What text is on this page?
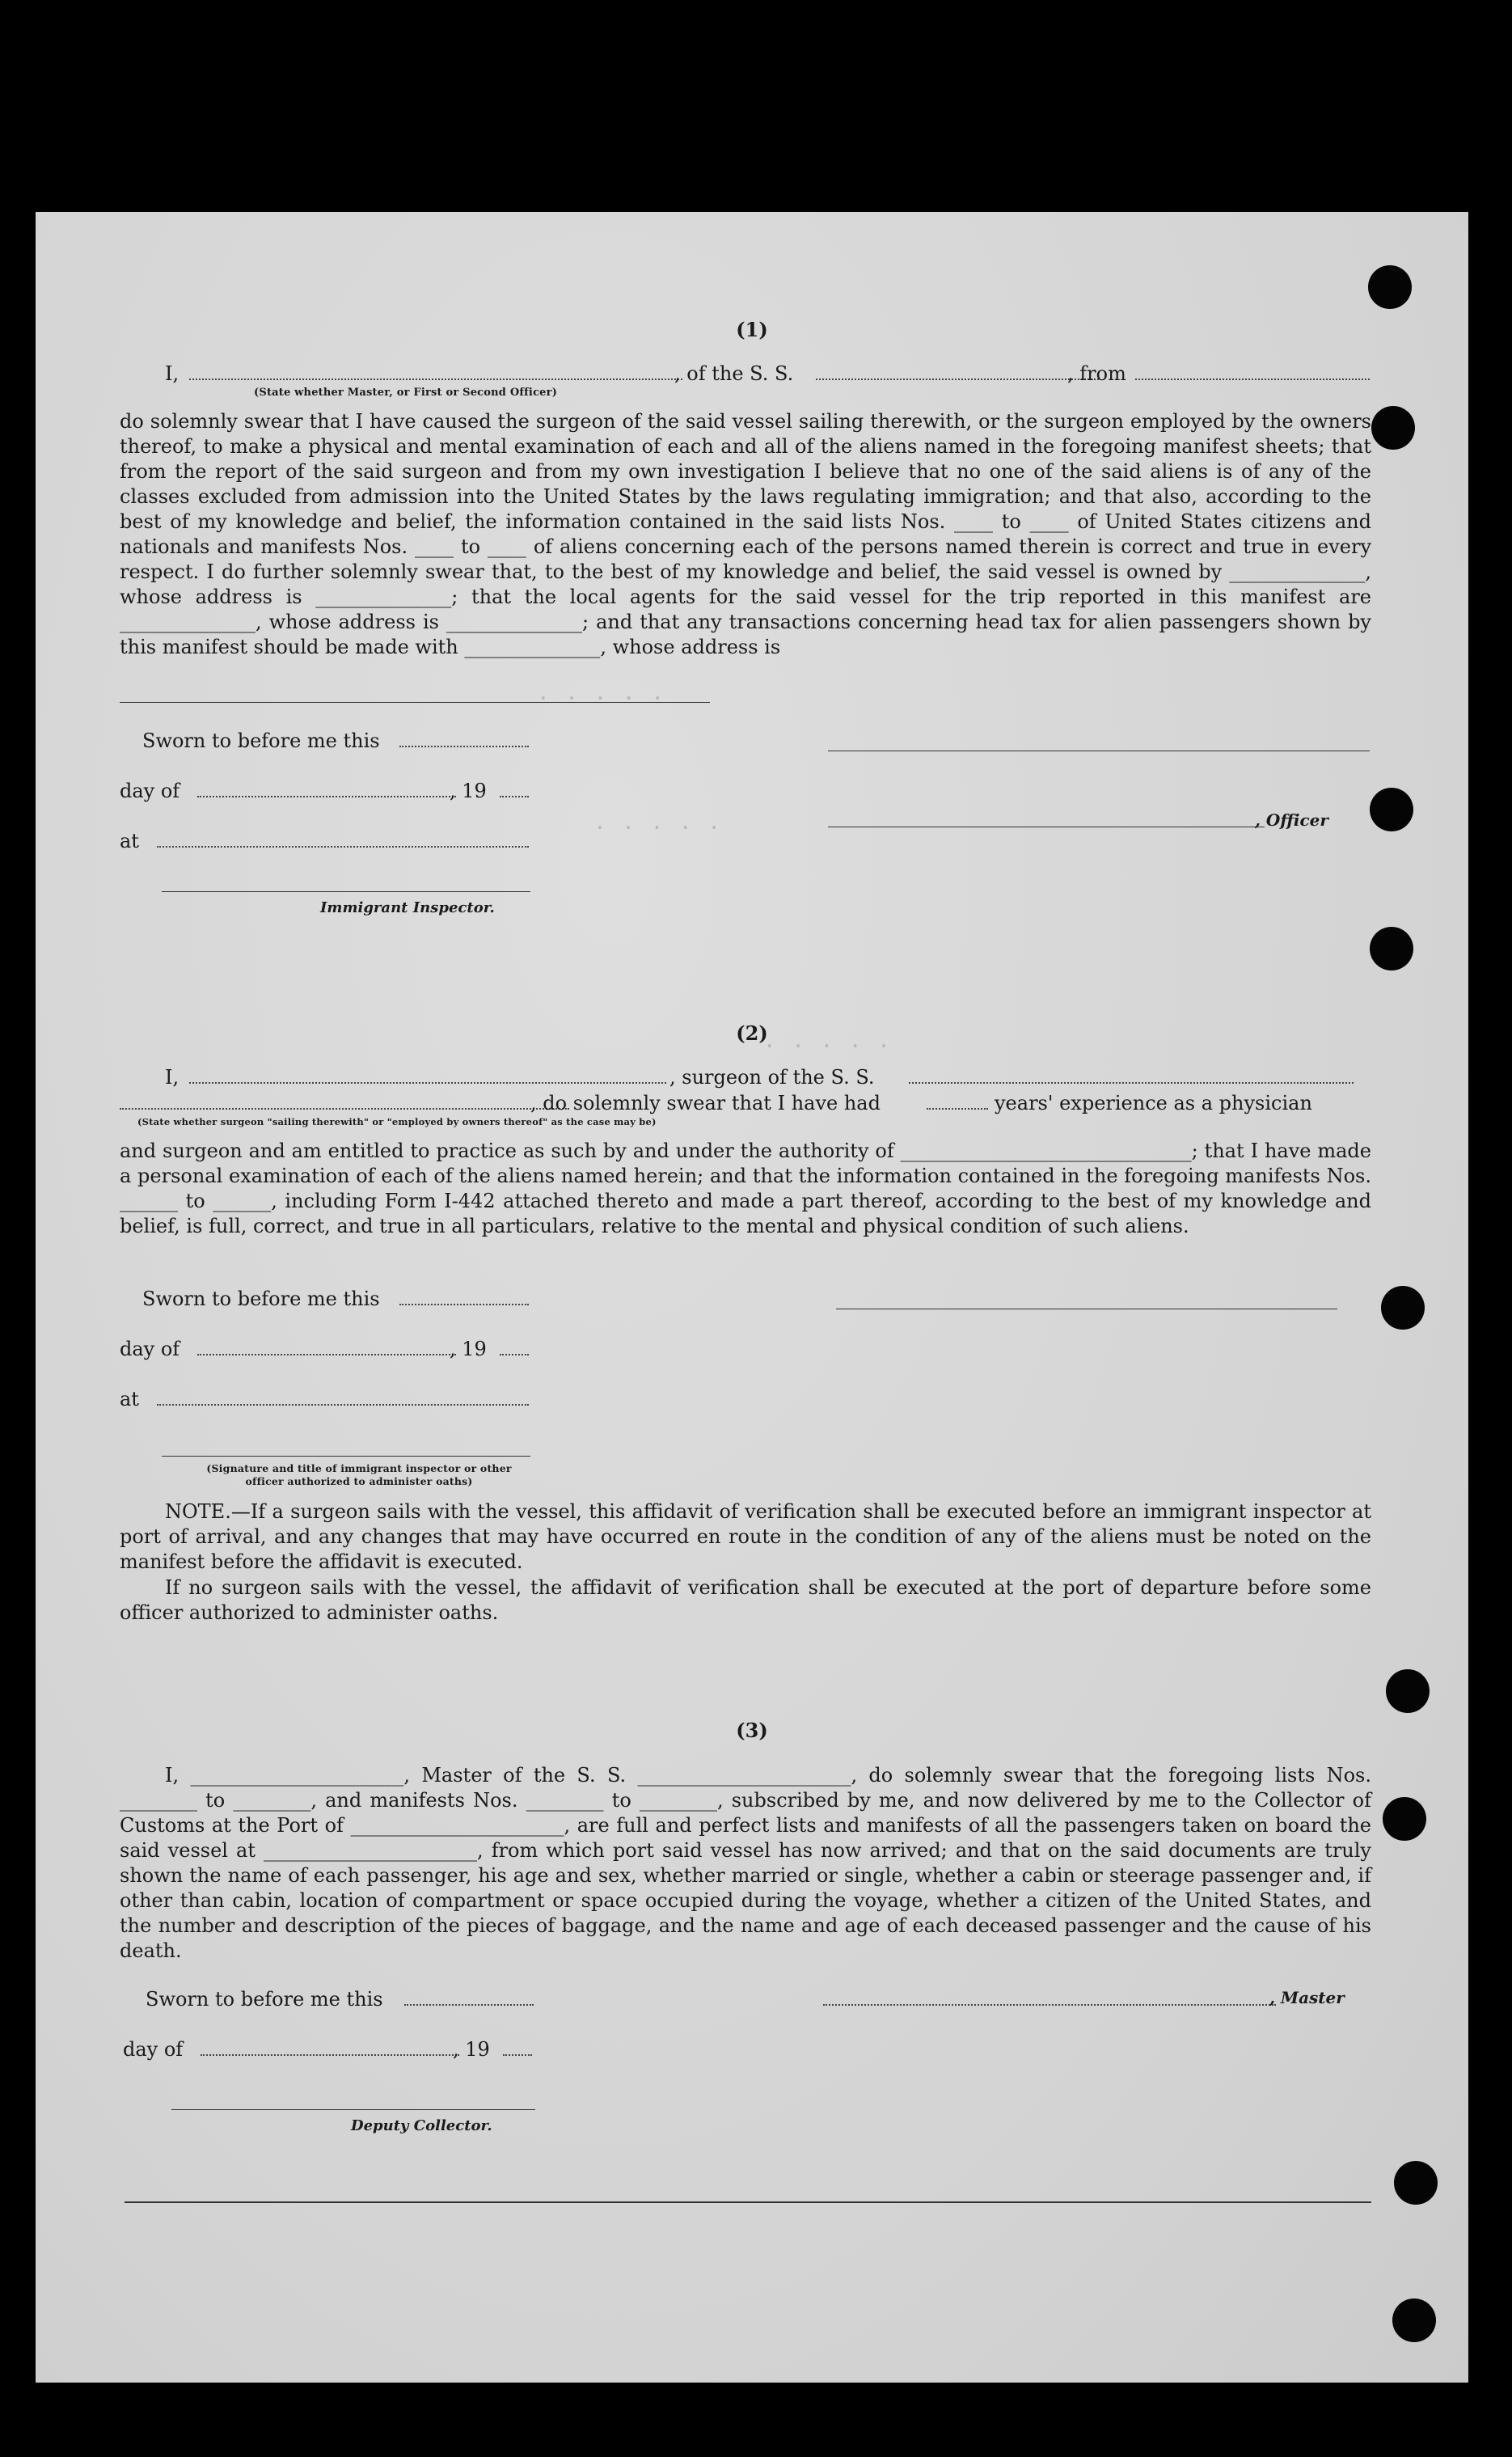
. . . . .
. . . . .
. . . . .
(1)
I,	, of the S. S.	, from
(State whether Master, or First or Second Officer)
do solemnly swear that I have caused the surgeon of the said vessel sailing therewith, or the surgeon employed by the owners thereof, to make a physical and mental examination of each and all of the aliens named in the foregoing manifest sheets; that from the report of the said surgeon and from my own investigation I believe that no one of the said aliens is of any of the classes excluded from admission into the United States by the laws regulating immigration; and that also, according to the best of my knowledge and belief, the information contained in the said lists Nos. ____ to ____ of United States citizens and nationals and manifests Nos. ____ to ____ of aliens concerning each of the persons named therein is correct and true in every respect. I do further solemnly swear that, to the best of my knowledge and belief, the said vessel is owned by ______________, whose address is ______________; that the local agents for the said vessel for the trip reported in this manifest are ______________, whose address is ______________; and that any transactions concerning head tax for alien passengers shown by this manifest should be made with ______________, whose address is
Sworn to before me this
day of	, 19
, Officer
at
Immigrant Inspector.
(2)
I,	, surgeon of the S. S.
, do solemnly swear that I have had	years' experience as a physician
(State whether surgeon "sailing therewith" or "employed by owners thereof" as the case may be)
and surgeon and am entitled to practice as such by and under the authority of ______________________________; that I have made a personal examination of each of the aliens named herein; and that the information contained in the foregoing manifests Nos. ______ to ______, including Form I-442 attached thereto and made a part thereof, according to the best of my knowledge and belief, is full, correct, and true in all particulars, relative to the mental and physical condition of such aliens.
Sworn to before me this
day of	, 19
at
(Signature and title of immigrant inspector or other officer authorized to administer oaths)
NOTE.—If a surgeon sails with the vessel, this affidavit of verification shall be executed before an immigrant inspector at port of arrival, and any changes that may have occurred en route in the condition of any of the aliens must be noted on the manifest before the affidavit is executed.
If no surgeon sails with the vessel, the affidavit of verification shall be executed at the port of departure before some officer authorized to administer oaths.
(3)
I, ______________________, Master of the S. S. ______________________, do solemnly swear that the foregoing lists Nos. ________ to ________, and manifests Nos. ________ to ________, subscribed by me, and now delivered by me to the Collector of Customs at the Port of ______________________, are full and perfect lists and manifests of all the passengers taken on board the said vessel at ______________________, from which port said vessel has now arrived; and that on the said documents are truly shown the name of each passenger, his age and sex, whether married or single, whether a cabin or steerage passenger and, if other than cabin, location of compartment or space occupied during the voyage, whether a citizen of the United States, and the number and description of the pieces of baggage, and the name and age of each deceased passenger and the cause of his death.
Sworn to before me this	, Master
day of	, 19
Deputy Collector.
